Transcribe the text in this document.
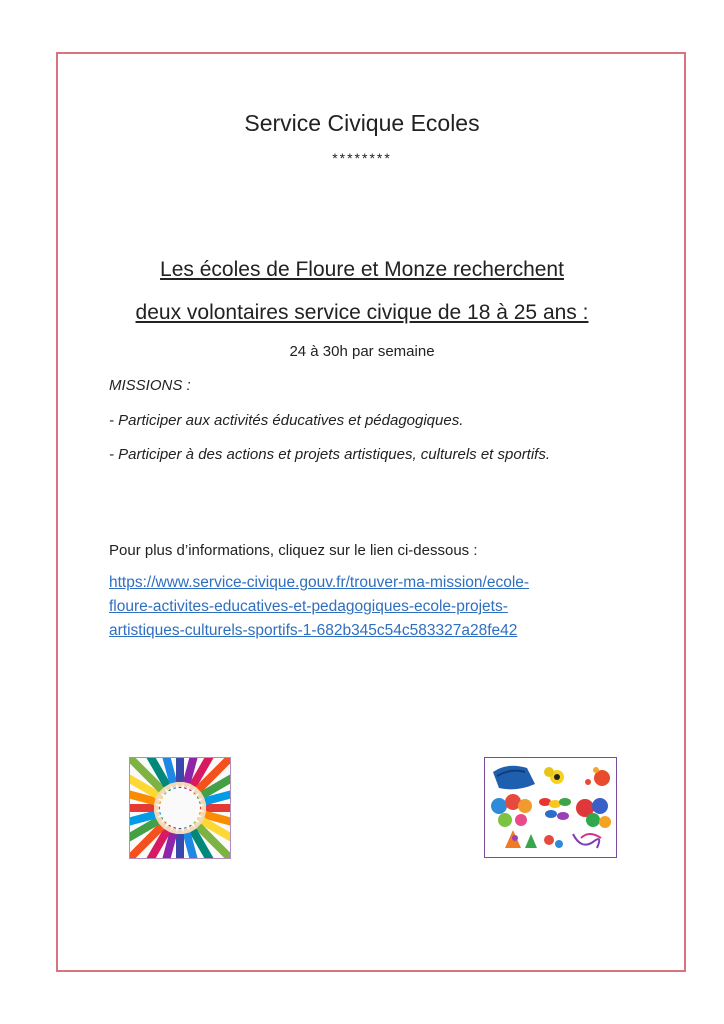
Service Civique Ecoles
********
Les écoles de Floure et Monze recherchent
deux volontaires service civique de 18 à 25 ans :
24 à 30h par semaine
MISSIONS :
- Participer aux activités éducatives et pédagogiques.
- Participer à des actions et projets artistiques, culturels et sportifs.
Pour plus d’informations, cliquez sur le lien ci-dessous :
https://www.service-civique.gouv.fr/trouver-ma-mission/ecole-
floure-activites-educatives-et-pedagogiques-ecole-projets-
artistiques-culturels-sportifs-1-682b345c54c583327a28fe42
